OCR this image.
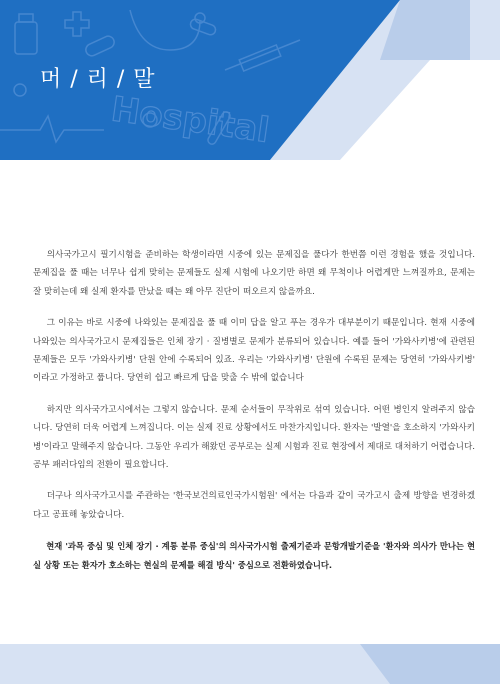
Hospital
머 / 리 / 말

의사국가고시 필기시험을 준비하는 학생이라면 시중에 있는 문제집을 풀다가 한번쯤 이런 경험을 했을 것입니다. 문제집을 풀 때는 너무나 쉽게 맞히는 문제들도 실제 시험에 나오기만 하면 왜 무척이나 어렵게만 느껴질까요, 문제는 잘 맞히는데 왜 실제 환자를 만났을 때는 왜 아무 진단이 떠오르지 않을까요.

그 이유는 바로 시중에 나와있는 문제집을 풀 때 이미 답을 알고 푸는 경우가 대부분이기 때문입니다. 현재 시중에 나와있는 의사국가고시 문제집들은 인체 장기 · 질병별로 문제가 분류되어 있습니다. 예를 들어 '가와사키병'에 관련된 문제들은 모두 '가와사키병' 단원 안에 수록되어 있죠. 우리는 '가와사키병' 단원에 수록된 문제는 당연히 '가와사키병' 이라고 가정하고 풉니다. 당연히 쉽고 빠르게 답을 맞출 수 밖에 없습니다

하지만 의사국가고시에서는 그렇지 않습니다. 문제 순서들이 무작위로 섞여 있습니다. 어떤 병인지 알려주지 않습니다. 당연히 더욱 어렵게 느껴집니다. 이는 실제 진료 상황에서도 마찬가지입니다. 환자는 '발열'을 호소하지 '가와사키병'이라고 말해주지 않습니다. 그동안 우리가 해왔던 공부로는 실제 시험과 진료 현장에서 제대로 대처하기 어렵습니다. 공부 패러다임의 전환이 필요합니다.

더구나 의사국가고시를 주관하는 '한국보건의료인국가시험원' 에서는 다음과 같이 국가고시 출제 방향을 변경하겠다고 공표해 놓았습니다.

현재 '과목 중심 및 인체 장기 · 계통 분류 중심'의 의사국가시험 출제기준과 문항개발기준을 '환자와 의사가 만나는 현실 상황 또는 환자가 호소하는 현실의 문제를 해결 방식' 중심으로 전환하였습니다.
